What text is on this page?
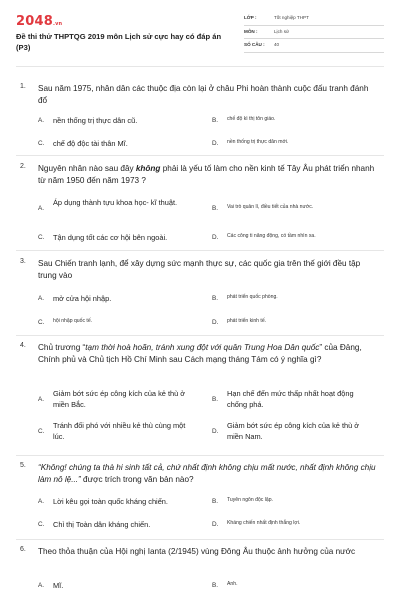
2048.vn
Đề thi thử THPTQG 2019 môn Lịch sử cực hay có đáp án
(P3)
LỚP :	Tốt nghiệp THPT
MÔN :	Lịch sử
SỐ CÂU : 40
1. Sau năm 1975, nhân dân các thuộc địa còn lại ở châu Phi hoàn thành cuộc đấu tranh đánh đổ
A. nền thống trị thực dân cũ.	B. chế độ kì thị tôn giáo.
C. chế độ độc tài thân Mĩ.	D. nền thống trị thực dân mới.
2. Nguyên nhân nào sau đây không phải là yếu tố làm cho nền kinh tế Tây Âu phát triển nhanh từ năm 1950 đến năm 1973 ?
A.
Áp dụng thành tựu khoa học- kĩ thuật.
B. Vai trò quản lí, điều tiết của nhà nước.
C. Tận dụng tốt các cơ hội bên ngoài.	D. Các công ti năng động, có tầm nhìn xa.
3. Sau Chiến tranh lạnh, để xây dựng sức mạnh thực sự, các quốc gia trên thế giới đều tập trung vào
A. mở cửa hội nhập.	B. phát triển quốc phòng.
C. hội nhập quốc tế.	D. phát triển kinh tế.
4. Chủ trương “tạm thời hoà hoãn, tránh xung đột với quân Trung Hoa Dân quốc” của Đảng, Chính phủ và Chủ tịch Hồ Chí Minh sau Cách mạng tháng Tám có ý nghĩa gì?
A.
Giảm bớt sức ép công kích của kẻ thù ở miền Bắc.
B.
Hạn chế đến mức thấp nhất hoạt động chống phá.
C.
Tránh đối phó với nhiều kẻ thù cùng một lúc.
D.
Giảm bớt sức ép công kích của kẻ thù ở miền Nam.
5. “Không! chúng ta thà hi sinh tất cả, chứ nhất định không chịu mất nước, nhất định không chịu làm nô lệ...” được trích trong văn bản nào?
A. Lời kêu gọi toàn quốc kháng chiến.	B. Tuyên ngôn độc lập.
C. Chỉ thị Toàn dân kháng chiến.	D. Kháng chiến nhất định thắng lợi.
6. Theo thỏa thuận của Hội nghị Ianta (2/1945) vùng Đông Âu thuộc ảnh hưởng của nước
A. Mĩ.	B. Anh.
